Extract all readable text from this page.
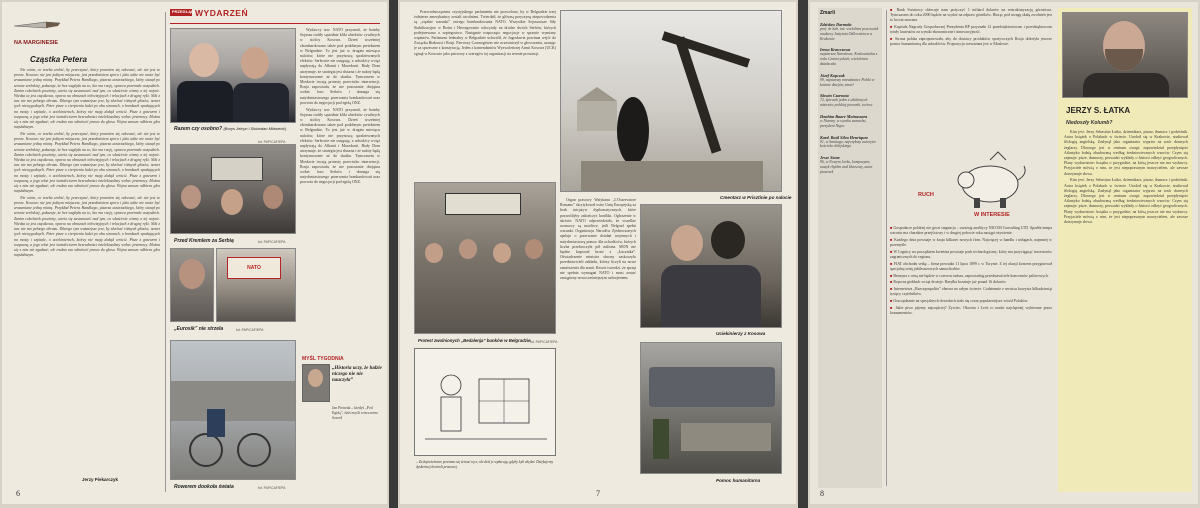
NA MARGINESIE
Cząstka Petera

Nie wiem, co trzeba zrobić, by przeczytać, który powinien się odezwać, ale nie jest to proste. Kosowo nie jest jednym miejscem, jest przedmiotem sporu i jako takie nie może być zrozumiane jedną miarą. Przykład Petera Handkego, pisarza austriackiego, który stanął po stronie serbskiej, pokazuje, że bez względu na to, kto ma rację, sprawa przerosła wszystkich. Zanim cokolwiek powiemy, warto się zastanowić nad tym, co właściwie wiemy o tej wojnie. Wiedza ta jest cząstkowa, oparta na obrazach telewizyjnych i relacjach z drugiej ręki. Nikt z nas nie ma pełnego obrazu. Dlatego tym ważniejsze jest, by słuchać różnych głosów, nawet tych niewygodnych. Peter pisze o cierpieniu ludzi po obu stronach, o bombach spadających na mosty i szpitale, o uciekinierach, którzy nie mają dokąd wrócić. Pisze z gniewem i rozpaczą, a jego tekst jest świadectwem bezradności intelektualisty wobec przemocy. Można się z nim nie zgadzać, ale trudno mu odmówić prawa do głosu. Wojna zawsze odbiera głos najsłabszym.

Nie wiem, co trzeba zrobić, by przeczytać, który powinien się odezwać, ale nie jest to proste. Kosowo nie jest jednym miejscem, jest przedmiotem sporu i jako takie nie może być zrozumiane jedną miarą. Przykład Petera Handkego, pisarza austriackiego, który stanął po stronie serbskiej, pokazuje, że bez względu na to, kto ma rację, sprawa przerosła wszystkich. Zanim cokolwiek powiemy, warto się zastanowić nad tym, co właściwie wiemy o tej wojnie. Wiedza ta jest cząstkowa, oparta na obrazach telewizyjnych i relacjach z drugiej ręki. Nikt z nas nie ma pełnego obrazu. Dlatego tym ważniejsze jest, by słuchać różnych głosów, nawet tych niewygodnych. Peter pisze o cierpieniu ludzi po obu stronach, o bombach spadających na mosty i szpitale, o uciekinierach, którzy nie mają dokąd wrócić. Pisze z gniewem i rozpaczą, a jego tekst jest świadectwem bezradności intelektualisty wobec przemocy. Można się z nim nie zgadzać, ale trudno mu odmówić prawa do głosu. Wojna zawsze odbiera głos najsłabszym.

Nie wiem, co trzeba zrobić, by przeczytać, który powinien się odezwać, ale nie jest to proste. Kosowo nie jest jednym miejscem, jest przedmiotem sporu i jako takie nie może być zrozumiane jedną miarą. Przykład Petera Handkego, pisarza austriackiego, który stanął po stronie serbskiej, pokazuje, że bez względu na to, kto ma rację, sprawa przerosła wszystkich. Zanim cokolwiek powiemy, warto się zastanowić nad tym, co właściwie wiemy o tej wojnie. Wiedza ta jest cząstkowa, oparta na obrazach telewizyjnych i relacjach z drugiej ręki. Nikt z nas nie ma pełnego obrazu. Dlatego tym ważniejsze jest, by słuchać różnych głosów, nawet tych niewygodnych. Peter pisze o cierpieniu ludzi po obu stronach, o bombach spadających na mosty i szpitale, o uciekinierach, którzy nie mają dokąd wrócić. Pisze z gniewem i rozpaczą, a jego tekst jest świadectwem bezradności intelektualisty wobec przemocy. Można się z nim nie zgadzać, ale trudno mu odmówić prawa do głosu. Wojna zawsze odbiera głos najsłabszym.

Jerzy Piekarczyk
6
PRZEGLĄD WYDARZEŃ
Razem czy osobno? (Borys Jelcyn i Slobodan Milosević)
fot. PAP/CAF/EPA
Przed Kremlem za Serbią	fot. PAP/CAF/EPA
NATO
„Eurosik” nie strzela	fot. PAP/CAF/EPA
Rowerem dookoła świata	fot. PAP/CAF/EPA

Wydawcy tzw. NATO przyznali, że bomby Sojuszu trafiły sąsiednie kliki obiektów cywilnych w stolicy Kosowa. Dzień wcześniej zbombardowano także pod podobnym pretekstem w Belgradzie. To jest już w drugim miesiącu nalotów, które nie przynoszą spodziewanych efektów. Serbowie nie ustępują, a uchodźcy wciąż napływają do Albanii i Macedonii. Biały Dom utrzymuje, że strategia jest słuszna i że naloty będą kontynuowane aż do skutku. Tymczasem w Moskwie trwają protesty przeciwko interwencji. Rosja zapowiada, że nie pozostanie obojętna wobec losu Serbów i domaga się natychmiastowego przerwania bombardowań oraz powrotu do negocjacji pod egidą ONZ.

Wydawcy tzw. NATO przyznali, że bomby Sojuszu trafiły sąsiednie kliki obiektów cywilnych w stolicy Kosowa. Dzień wcześniej zbombardowano także pod podobnym pretekstem w Belgradzie. To jest już w drugim miesiącu nalotów, które nie przynoszą spodziewanych efektów. Serbowie nie ustępują, a uchodźcy wciąż napływają do Albanii i Macedonii. Biały Dom utrzymuje, że strategia jest słuszna i że naloty będą kontynuowane aż do skutku. Tymczasem w Moskwie trwają protesty przeciwko interwencji. Rosja zapowiada, że nie pozostanie obojętna wobec losu Serbów i domaga się natychmiastowego przerwania bombardowań oraz powrotu do negocjacji pod egidą ONZ.

MYŚL TYGODNIA
„Historia uczy, że ludzie niczego nie nie nauczyła”
Jan Pietrzak – kiedyś „Pod Egidą”, dziś myśli wieczorem Szwed

Przewodniczącemu czystyjskiego parlamentu nie pozwolono, by w Belgradzie trzej żołnierze amerykańscy zostali uwolnieni. Twierdził, że główną przyczyną niepowodzenia są „ciężkie warunki” ostrego bombardowania NATO. Wszystkie Sojusznicze Siły Stabilizacyjne w Bośni i Hercegowinie schwytały na drodze dwóch Serbów, których podejrzewano o szpiegostwo. Następnie rozpoczęto negocjacje w sprawie wymiany więźniów. Parlament federalny w Belgradzie uchwalił, że Jugosławia powinna wejść do Związku Białorusi i Rosji. Pierwszy Czarnogórzec nie uczestniczył w głosowaniu, uznając je za sprzeczne z konstytucją. Jeden z komendantów Wyzwoleńczej Armii Kosowa (UCK) zginął w Kosowie jako pierwszy z szeregów tej organizacji na terenie prowincji.

Cmentarz w Prisztinie po nalocie
Protest zwolnionych „Bedalenja” bunków w Belgradzie fot. PAP/CAF/EPA

Organ prasowy Watykanu „L'Osservatore Romano” skrytykował ostro Unię Europejską za brak inicjatyw dyplomatycznych, które pozwoliłyby zakończyć konflikt. Ogłoszenie w skrócie: NATO odpowiedziało, że wszelkie rozmowy są możliwe, jeśli Belgrad spełni warunki. Organizacja Narodów Zjednoczonych apeluje o przerwanie działań wojennych i natychmiastową pomoc dla uchodźców, których liczba przekroczyła pół miliona. MON nie będzie kupował broni z „Łucznika”. Oświadczenie ministra obrony zaskoczyło przedstawicieli zakładu, którzy liczyli na nowe zamówienia dla armii. Resort twierdzi, że sprzęt nie spełnia wymagań NATO i musi zostać zastąpiony nowocześniejszym uzbrojeniem.

Uciekinierzy z Kosowa
– Za łupieżeństwo powinno się ścinać ręce, ale dziś je wpłacają, gdyby byli zbędni. Dziękujemy dyskretnej kontroli prasowej.
Pomoc humanitarna
7
Zmarli
Zdzisław Darmoła
prof. dr hab. inż. wieloletni pracownik naukowy Instytutu Odlewnictwa w Krakowie
Irena Krawczowa
najstarsza Narodowa, Krakowianka z rodu Czartoryskich, wieloletnia działaczka
Józef Kopczak
99, najstarszy mieszkaniec Polski w krainie dziejów, zmarł
Sławin Czarnota
72, śpiewak jeden z ulubionych mistrzów polskiej piosenki, twórca
Ibrahim Baare Mainassara
w Niamey, w wyniku zamachu, prezydent Nigru
Kard. Raúl Silva Henríquez
91, w Santiago, największy autorytet kościoła chilijskiego
Jesse Stone
96, w Nowym Jorku, kompozytor, muzyk rhythm and bluesowy, autor piosenek

■ Bank Światowy obiecuje nam pożyczyć 1 miliard dolarów na restrukturyzację górnictwa. Tymczasem do roku 2000 będzie na wydać na odpraw górników. Biorąc pod uwagę skalę zwolnień jest to kwota znaczna.

■ Kapituła Nagrody Gospodarczej Prezydenta RP przyznała 12 przedsiębiorstwom i przedsiębiorcom tytuły laureatów za wyniki ekonomiczne i innowacyjność.

■ Strona polska zaproponowała, aby do dostawy produktów spożywczych Rosja dołożyła jeszcze pomoc humanitarną dla uchodźców. Propozycja rozważana jest w Moskwie.

RUCH
W INTERESIE

■ Gospodarce polskiej nie grozi stagnacja – uważają analitycy NICOM Consulting LTD. Spadek tempa wzrostu ma charakter przejściowy i w drugiej połowie roku nastąpi ożywienie.

■ Każdego dnia powstaje w kraju kilkaset nowych firm. Najwięcej w handlu i usługach, najmniej w przemyśle.

■ W Legnicy na początkiem kwietnia powstaje park technologiczny, który ma przyciągnąć inwestorów zagranicznych do regionu.

■ FIAT obchodzi setkę – firma powstała 11 lipca 1899 r. w Turynie. Z tej okazji koncern przygotował specjalną serię jubileuszowych samochodów.

■ Benzyna z ceną nie będzie w czerwcu tańsza, zapowiadają przedstawiciele koncernów paliwowych.

■ Ropa na giełdach wciąż drożeje. Baryłka kosztuje już ponad 16 dolarów.

■ Internetowa „Rzeczpospolita” obecna na całym świecie. Codziennie z serwisu korzysta kilkadziesiąt tysięcy czytelników.

■ Oszczędzanie na specjalnych dowodach stało się coraz popularniejsze wśród Polaków.

■ Jakie piwo pijemy najczęściej? Żywiec, Okocim i Lech to marki najchętniej wybierane przez konsumentów.

JERZY S. ŁATKA
Niedoszły Kolumb?

Kim jest: Jerzy Sebastian Łatka, dziennikarz, pisarz, tłumacz i podróżnik. Autor książek o Polakach w świecie. Urodził się w Krakowie, studiował filologię angielską. Zasłynął jako organizator wypraw na wzór dawnych żeglarzy. Dlaczego jest w centrum uwagi: zapowiedział przepłynięcie Atlantyku łodzią zbudowaną według średniowiecznych wzorów. Czym się zajmuje: pisze, tłumaczy, prowadzi wykłady o historii odkryć geograficznych. Plany wydawnicze: książka o przygodzie, na którą jeszcze nie ma wydawcy. Przyjaciele mówią o nim, że jest niepoprawnym marzycielem, ale zawsze dotrzymuje słowa.

Kim jest: Jerzy Sebastian Łatka, dziennikarz, pisarz, tłumacz i podróżnik. Autor książek o Polakach w świecie. Urodził się w Krakowie, studiował filologię angielską. Zasłynął jako organizator wypraw na wzór dawnych żeglarzy. Dlaczego jest w centrum uwagi: zapowiedział przepłynięcie Atlantyku łodzią zbudowaną według średniowiecznych wzorów. Czym się zajmuje: pisze, tłumaczy, prowadzi wykłady o historii odkryć geograficznych. Plany wydawnicze: książka o przygodzie, na którą jeszcze nie ma wydawcy. Przyjaciele mówią o nim, że jest niepoprawnym marzycielem, ale zawsze dotrzymuje słowa.

8
